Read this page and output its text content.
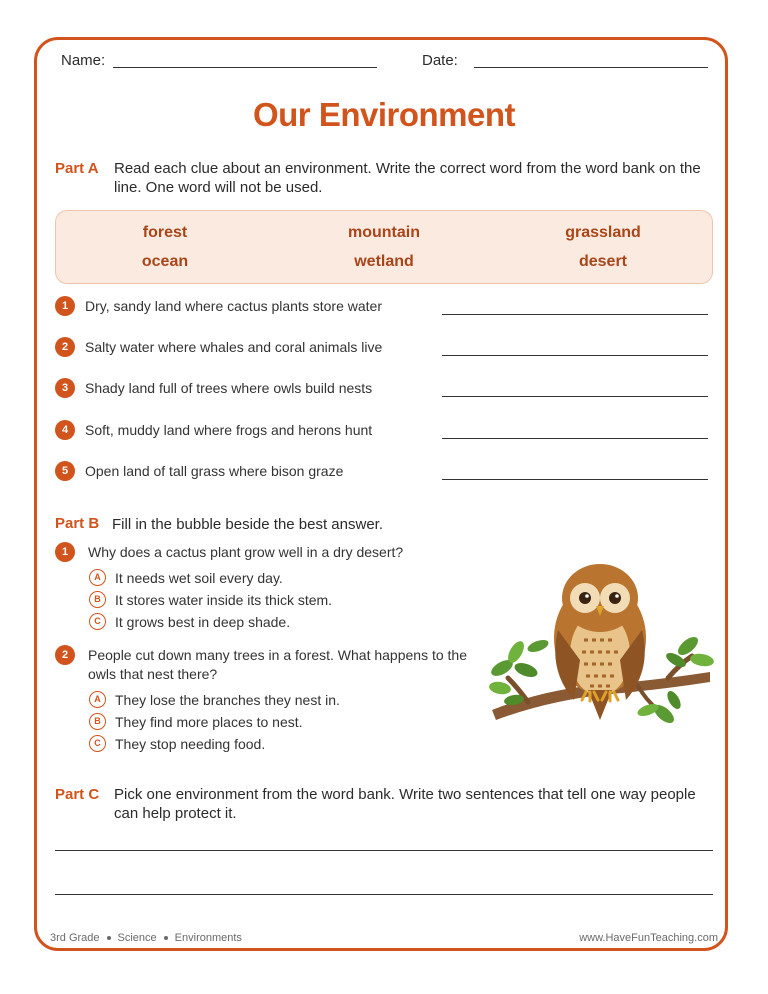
Name:	Date:
Our Environment
Part A Read each clue about an environment. Write the correct word from the word bank on the line. One word will not be used.
forest	mountain	grassland
ocean	wetland	desert
1	Dry, sandy land where cactus plants store water
2	Salty water where whales and coral animals live
3	Shady land full of trees where owls build nests
4	Soft, muddy land where frogs and herons hunt
5	Open land of tall grass where bison graze
Part B Fill in the bubble beside the best answer.
1	Why does a cactus plant grow well in a dry desert?
A	It needs wet soil every day.
B	It stores water inside its thick stem.
C	It grows best in deep shade.
2	People cut down many trees in a forest. What happens to the owls that nest there?
A	They lose the branches they nest in.
B	They find more places to nest.
C	They stop needing food.
Part C Pick one environment from the word bank. Write two sentences that tell one way people can help protect it.
3rd Grade Science Environments	www.HaveFunTeaching.com
